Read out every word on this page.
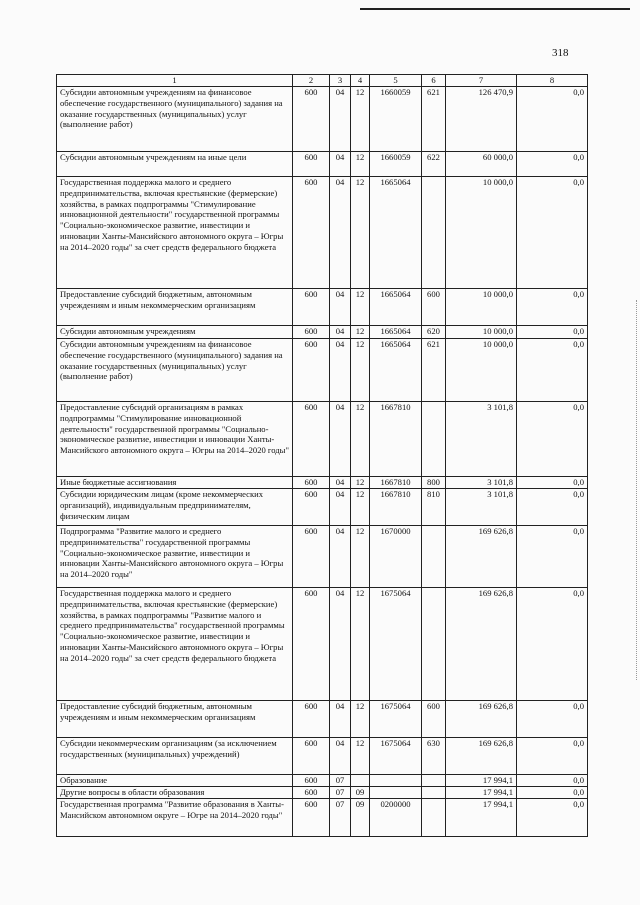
318
1	2	3	4	5	6	7	8
Субсидии автономным учреждениям на финансовое обеспечение государственного (муниципального) задания на оказание государственных (муниципальных) услуг (выполнение работ)	600	04	12	1660059	621	126 470,9	0,0
Субсидии автономным учреждениям на иные цели	600	04	12	1660059	622	60 000,0	0,0
Государственная поддержка малого и среднего предпринимательства, включая крестьянские (фермерские) хозяйства, в рамках подпрограммы "Стимулирование инновационной деятельности" государственной программы "Социально-экономическое развитие, инвестиции и инновации Ханты-Мансийского автономного округа – Югры на 2014–2020 годы" за счет средств федерального бюджета	600	04	12	1665064		10 000,0	0,0
Предоставление субсидий бюджетным, автономным учреждениям и иным некоммерческим организациям	600	04	12	1665064	600	10 000,0	0,0
Субсидии автономным учреждениям	600	04	12	1665064	620	10 000,0	0,0
Субсидии автономным учреждениям на финансовое обеспечение государственного (муниципального) задания на оказание государственных (муниципальных) услуг (выполнение работ)	600	04	12	1665064	621	10 000,0	0,0
Предоставление субсидий организациям в рамках подпрограммы "Стимулирование инновационной деятельности" государственной программы "Социально-экономическое развитие, инвестиции и инновации Ханты-Мансийского автономного округа – Югры на 2014–2020 годы"	600	04	12	1667810		3 101,8	0,0
Иные бюджетные ассигнования	600	04	12	1667810	800	3 101,8	0,0
Субсидии юридическим лицам (кроме некоммерческих организаций), индивидуальным предпринимателям, физическим лицам	600	04	12	1667810	810	3 101,8	0,0
Подпрограмма "Развитие малого и среднего предпринимательства" государственной программы "Социально-экономическое развитие, инвестиции и инновации Ханты-Мансийского автономного округа – Югры на 2014–2020 годы"	600	04	12	1670000		169 626,8	0,0
Государственная поддержка малого и среднего предпринимательства, включая крестьянские (фермерские) хозяйства, в рамках подпрограммы "Развитие малого и среднего предпринимательства" государственной программы "Социально-экономическое развитие, инвестиции и инновации Ханты-Мансийского автономного округа – Югры на 2014–2020 годы" за счет средств федерального бюджета	600	04	12	1675064		169 626,8	0,0
Предоставление субсидий бюджетным, автономным учреждениям и иным некоммерческим организациям	600	04	12	1675064	600	169 626,8	0,0
Субсидии некоммерческим организациям (за исключением государственных (муниципальных) учреждений)	600	04	12	1675064	630	169 626,8	0,0
Образование	600	07				17 994,1	0,0
Другие вопросы в области образования	600	07	09			17 994,1	0,0
Государственная программа "Развитие образования в Ханты-Мансийском автономном округе – Югре на 2014–2020 годы"	600	07	09	0200000		17 994,1	0,0
